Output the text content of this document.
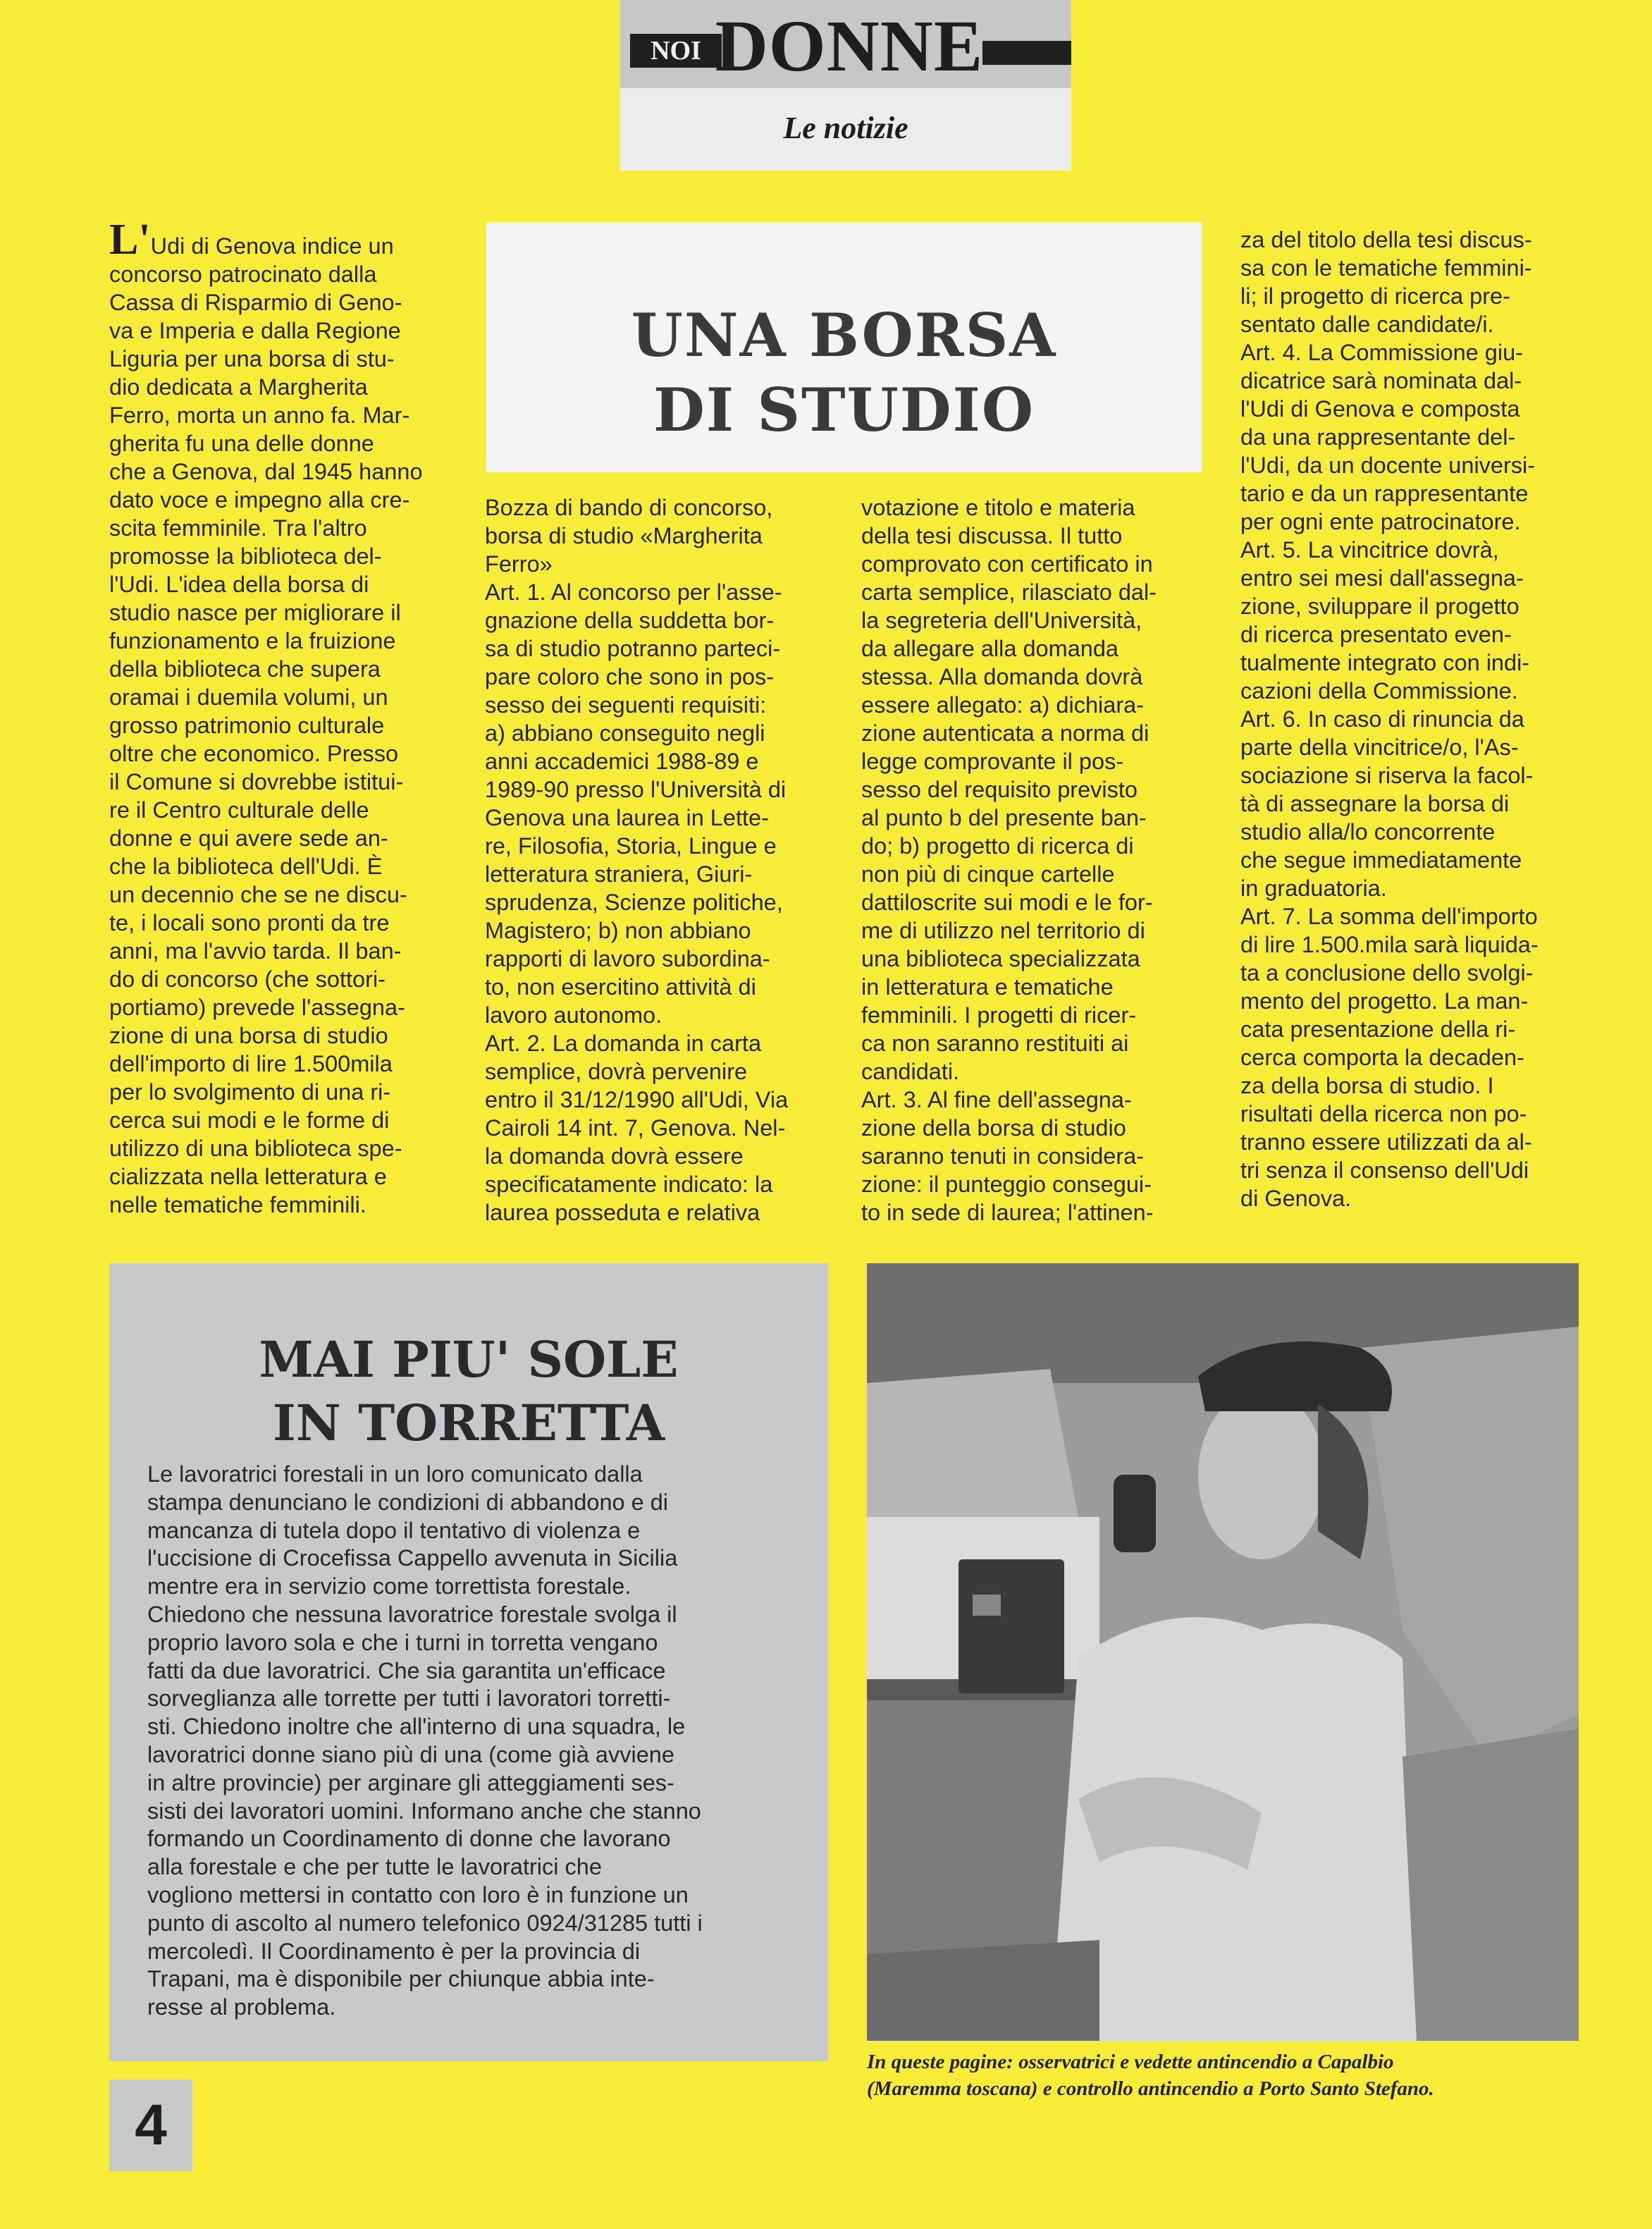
NOI DONNE
Le notizie
L'Udi di Genova indice un
concorso patrocinato dalla
Cassa di Risparmio di Geno-
va e Imperia e dalla Regione
Liguria per una borsa di stu-
dio dedicata a Margherita
Ferro, morta un anno fa. Mar-
gherita fu una delle donne
che a Genova, dal 1945 hanno
dato voce e impegno alla cre-
scita femminile. Tra l'altro
promosse la biblioteca del-
l'Udi. L'idea della borsa di
studio nasce per migliorare il
funzionamento e la fruizione
della biblioteca che supera
oramai i duemila volumi, un
grosso patrimonio culturale
oltre che economico. Presso
il Comune si dovrebbe istitui-
re il Centro culturale delle
donne e qui avere sede an-
che la biblioteca dell'Udi. È
un decennio che se ne discu-
te, i locali sono pronti da tre
anni, ma l'avvio tarda. Il ban-
do di concorso (che sottori-
portiamo) prevede l'assegna-
zione di una borsa di studio
dell'importo di lire 1.500mila
per lo svolgimento di una ri-
cerca sui modi e le forme di
utilizzo di una biblioteca spe-
cializzata nella letteratura e
nelle tematiche femminili.
UNA BORSA
DI STUDIO
Bozza di bando di concorso,
borsa di studio «Margherita
Ferro»
Art. 1. Al concorso per l'asse-
gnazione della suddetta bor-
sa di studio potranno parteci-
pare coloro che sono in pos-
sesso dei seguenti requisiti:
a) abbiano conseguito negli
anni accademici 1988-89 e
1989-90 presso l'Università di
Genova una laurea in Lette-
re, Filosofia, Storia, Lingue e
letteratura straniera, Giuri-
sprudenza, Scienze politiche,
Magistero; b) non abbiano
rapporti di lavoro subordina-
to, non esercitino attività di
lavoro autonomo.
Art. 2. La domanda in carta
semplice, dovrà pervenire
entro il 31/12/1990 all'Udi, Via
Cairoli 14 int. 7, Genova. Nel-
la domanda dovrà essere
specificatamente indicato: la
laurea posseduta e relativa
votazione e titolo e materia
della tesi discussa. Il tutto
comprovato con certificato in
carta semplice, rilasciato dal-
la segreteria dell'Università,
da allegare alla domanda
stessa. Alla domanda dovrà
essere allegato: a) dichiara-
zione autenticata a norma di
legge comprovante il pos-
sesso del requisito previsto
al punto b del presente ban-
do; b) progetto di ricerca di
non più di cinque cartelle
dattiloscrite sui modi e le for-
me di utilizzo nel territorio di
una biblioteca specializzata
in letteratura e tematiche
femminili. I progetti di ricer-
ca non saranno restituiti ai
candidati.
Art. 3. Al fine dell'assegna-
zione della borsa di studio
saranno tenuti in considera-
zione: il punteggio consegui-
to in sede di laurea; l'attinen-
za del titolo della tesi discus-
sa con le tematiche femmini-
li; il progetto di ricerca pre-
sentato dalle candidate/i.
Art. 4. La Commissione giu-
dicatrice sarà nominata dal-
l'Udi di Genova e composta
da una rappresentante del-
l'Udi, da un docente universi-
tario e da un rappresentante
per ogni ente patrocinatore.
Art. 5. La vincitrice dovrà,
entro sei mesi dall'assegna-
zione, sviluppare il progetto
di ricerca presentato even-
tualmente integrato con indi-
cazioni della Commissione.
Art. 6. In caso di rinuncia da
parte della vincitrice/o, l'As-
sociazione si riserva la facol-
tà di assegnare la borsa di
studio alla/lo concorrente
che segue immediatamente
in graduatoria.
Art. 7. La somma dell'importo
di lire 1.500.mila sarà liquida-
ta a conclusione dello svolgi-
mento del progetto. La man-
cata presentazione della ri-
cerca comporta la decaden-
za della borsa di studio. I
risultati della ricerca non po-
tranno essere utilizzati da al-
tri senza il consenso dell'Udi
di Genova.
MAI PIU' SOLE
IN TORRETTA
Le lavoratrici forestali in un loro comunicato dalla
stampa denunciano le condizioni di abbandono e di
mancanza di tutela dopo il tentativo di violenza e
l'uccisione di Crocefissa Cappello avvenuta in Sicilia
mentre era in servizio come torrettista forestale.
Chiedono che nessuna lavoratrice forestale svolga il
proprio lavoro sola e che i turni in torretta vengano
fatti da due lavoratrici. Che sia garantita un'efficace
sorveglianza alle torrette per tutti i lavoratori torretti-
sti. Chiedono inoltre che all'interno di una squadra, le
lavoratrici donne siano più di una (come già avviene
in altre provincie) per arginare gli atteggiamenti ses-
sisti dei lavoratori uomini. Informano anche che stanno
formando un Coordinamento di donne che lavorano
alla forestale e che per tutte le lavoratrici che
vogliono mettersi in contatto con loro è in funzione un
punto di ascolto al numero telefonico 0924/31285 tutti i
mercoledì. Il Coordinamento è per la provincia di
Trapani, ma è disponibile per chiunque abbia inte-
resse al problema.
In queste pagine: osservatrici e vedette antincendio a Capalbio
(Maremma toscana) e controllo antincendio a Porto Santo Stefano.
4
